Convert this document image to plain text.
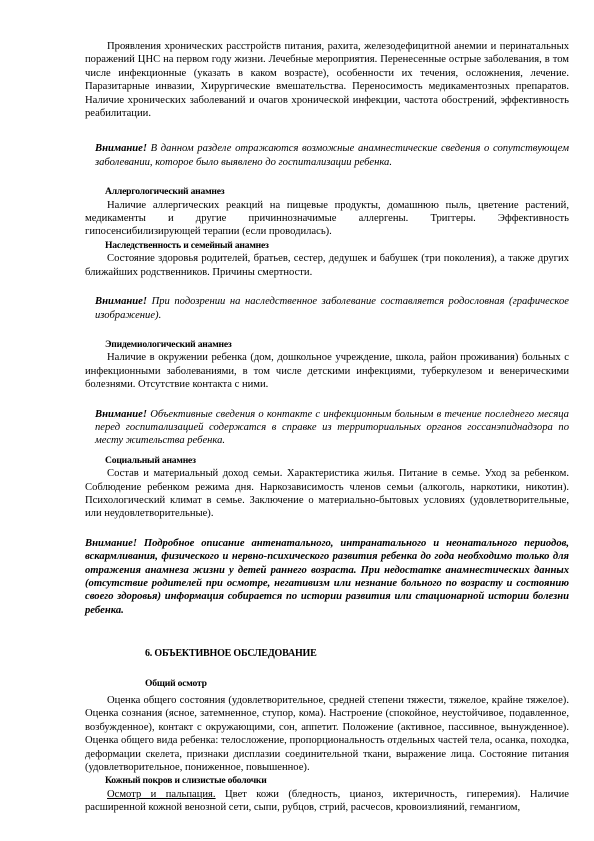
Проявления хронических расстройств питания, рахита, железодефицитной анемии и перинатальных поражений ЦНС на первом году жизни. Лечебные мероприятия. Перенесенные острые заболевания, в том числе инфекционные (указать в каком возрасте), особенности их течения, осложнения, лечение. Паразитарные инвазии, Хирургические вмешательства. Переносимость медикаментозных препаратов. Наличие хронических заболеваний и очагов хронической инфекции, частота обострений, эффективность реабилитации.

Внимание! В данном разделе отражаются возможные анамнестические сведения о сопутствующем заболевании, которое было выявлено до госпитализации ребенка.

Аллергологический анамнез

Наличие аллергических реакций на пищевые продукты, домашнюю пыль, цветение растений, медикаменты и другие причиннозначимые аллергены. Триггеры. Эффективность гипосенсибилизирующей терапии (если проводилась).

Наследственность и семейный анамнез

Состояние здоровья родителей, братьев, сестер, дедушек и бабушек (три поколения), а также других ближайших родственников. Причины смертности.

Внимание! При подозрении на наследственное заболевание составляется родословная (графическое изображение).

Эпидемиологический анамнез

Наличие в окружении ребенка (дом, дошкольное учреждение, школа, район проживания) больных с инфекционными заболеваниями, в том числе детскими инфекциями, туберкулезом и венерическими болезнями. Отсутствие контакта с ними.

Внимание! Объективные сведения о контакте с инфекционным больным в течение последнего месяца перед госпитализацией содержатся в справке из территориальных органов госсанэпиднадзора по месту жительства ребенка.

Социальный анамнез

Состав и материальный доход семьи. Характеристика жилья. Питание в семье. Уход за ребенком. Соблюдение ребенком режима дня. Наркозависимость членов семьи (алкоголь, наркотики, никотин). Психологический климат в семье. Заключение о материально-бытовых условиях (удовлетворительные, или неудовлетворительные).

Внимание! Подробное описание антенатального, интранатального и неонатального периодов, вскармливания, физического и нервно-психического развития ребенка до года необходимо только для отражения анамнеза жизни у детей раннего возраста. При недостатке анамнестических данных (отсутствие родителей при осмотре, негативизм или незнание больного по возрасту и состоянию своего здоровья) информация собирается по истории развития или стационарной истории болезни ребенка.

6. ОБЪЕКТИВНОЕ ОБСЛЕДОВАНИЕ
Общий осмотр

Оценка общего состояния (удовлетворительное, средней степени тяжести, тяжелое, крайне тяжелое). Оценка сознания (ясное, затемненное, ступор, кома). Настроение (спокойное, неустойчивое, подавленное, возбужденное), контакт с окружающими, сон, аппетит. Положение (активное, пассивное, вынужденное). Оценка общего вида ребенка: телосложение, пропорциональность отдельных частей тела, осанка, походка, деформации скелета, признаки дисплазии соединительной ткани, выражение лица. Состояние питания (удовлетворительное, пониженное, повышенное).

Кожный покров и слизистые оболочки

Осмотр и пальпация. Цвет кожи (бледность, цианоз, иктеричность, гиперемия). Наличие расширенной кожной венозной сети, сыпи, рубцов, стрий, расчесов, кровоизлияний, гемангиом,
